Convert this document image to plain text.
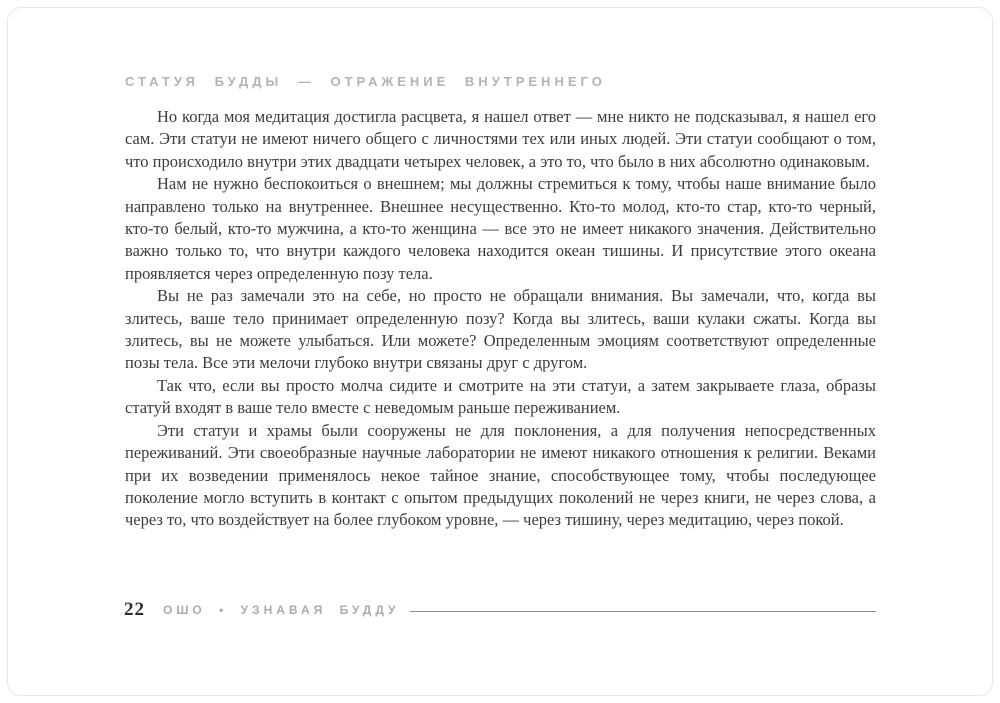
СТАТУЯ БУДДЫ — ОТРАЖЕНИЕ ВНУТРЕННЕГО

Но когда моя медитация достигла расцвета, я нашел ответ — мне никто не подсказывал, я нашел его сам. Эти статуи не имеют ничего общего с личностями тех или иных людей. Эти статуи сообщают о том, что происходило внутри этих двадцати четырех человек, а это то, что было в них абсолютно одинаковым.

Нам не нужно беспокоиться о внешнем; мы должны стремиться к тому, чтобы наше внимание было направлено только на внутреннее. Внешнее несущественно. Кто-то молод, кто-то стар, кто-то черный, кто-то белый, кто-то мужчина, а кто-то женщина — все это не имеет никакого значения. Действительно важно только то, что внутри каждого человека находится океан тишины. И присутствие этого океана проявляется через определенную позу тела.

Вы не раз замечали это на себе, но просто не обращали внимания. Вы замечали, что, когда вы злитесь, ваше тело принимает определенную позу? Когда вы злитесь, ваши кулаки сжаты. Когда вы злитесь, вы не можете улыбаться. Или можете? Определенным эмоциям соответствуют определенные позы тела. Все эти мелочи глубоко внутри связаны друг с другом.

Так что, если вы просто молча сидите и смотрите на эти статуи, а затем закрываете глаза, образы статуй входят в ваше тело вместе с неведомым раньше переживанием.

Эти статуи и храмы были сооружены не для поклонения, а для получения непосредственных переживаний. Эти своеобразные научные лаборатории не имеют никакого отношения к религии. Веками при их возведении применялось некое тайное знание, способствующее тому, чтобы последующее поколение могло вступить в контакт с опытом предыдущих поколений не через книги, не через слова, а через то, что воздействует на более глубоком уровне, — через тишину, через медитацию, через покой.

22 ОШО • УЗНАВАЯ БУДДУ
